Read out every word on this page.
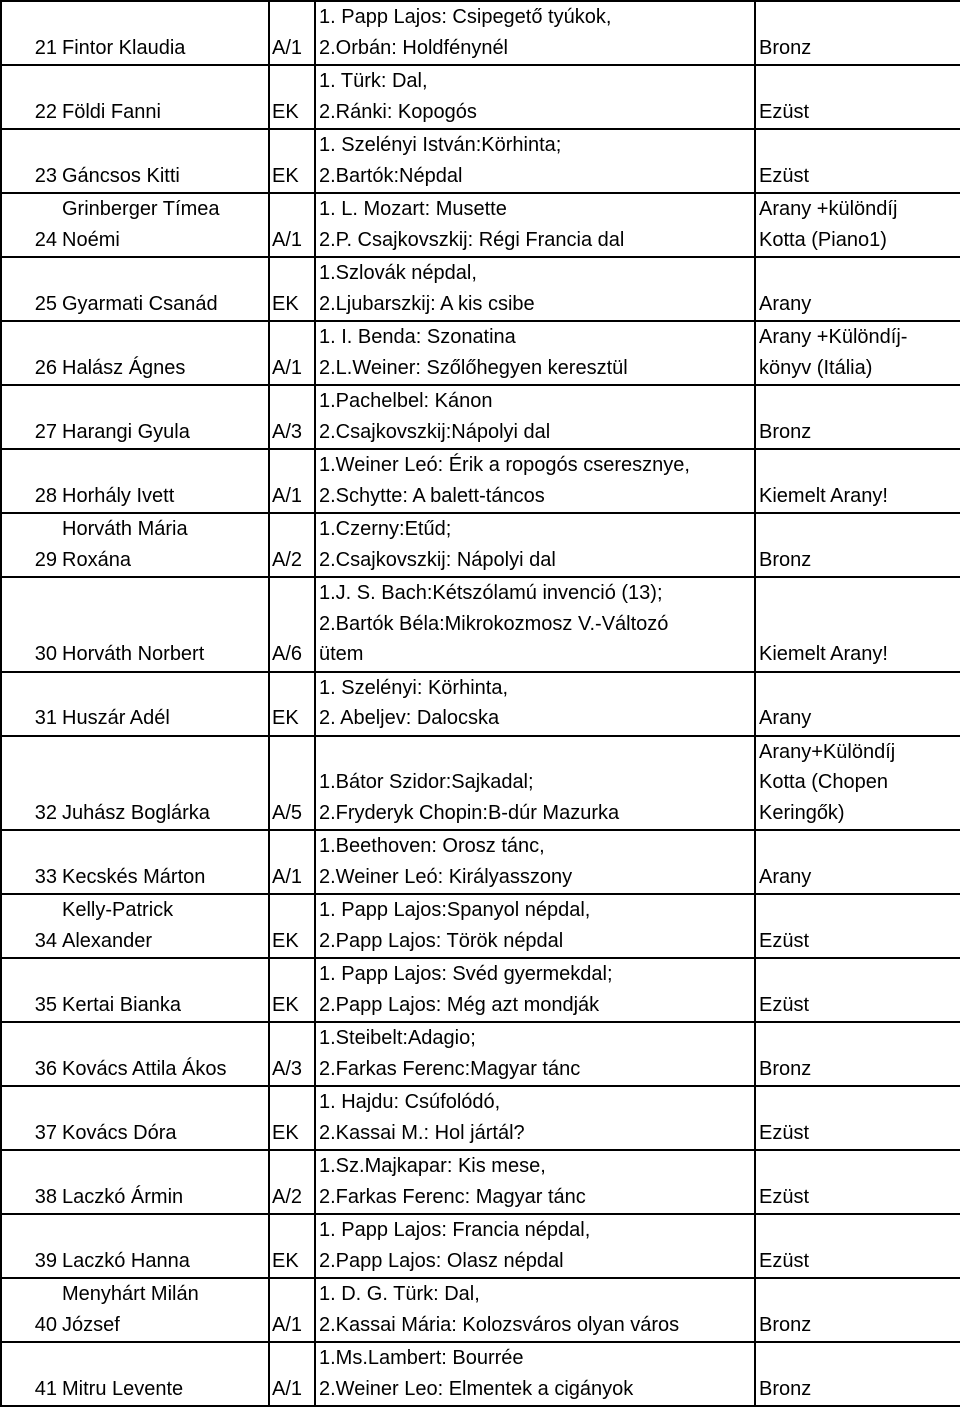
21	Fintor Klaudia	A/1	1. Papp Lajos: Csipegető tyúkok,
2.Orbán: Holdfénynél	Bronz

22	Földi Fanni	EK	1. Türk: Dal,
2.Ránki: Kopogós	Ezüst

23	Gáncsos Kitti	EK	1. Szelényi István:Körhinta;
2.Bartók:Népdal	Ezüst

24	Grinberger Tímea
Noémi	A/1	1. L. Mozart: Musette
2.P. Csajkovszkij: Régi Francia dal	Arany +különdíj
Kotta (Piano1)

25	Gyarmati Csanád	EK	1.Szlovák népdal,
2.Ljubarszkij: A kis csibe	Arany

26	Halász Ágnes	A/1	1. I. Benda: Szonatina
2.L.Weiner: Szőlőhegyen keresztül	Arany +Különdíj-
könyv (Itália)

27	Harangi Gyula	A/3	1.Pachelbel: Kánon
2.Csajkovszkij:Nápolyi dal	Bronz

28	Horhály Ivett	A/1	1.Weiner Leó: Érik a ropogós cseresznye,
2.Schytte: A balett-táncos	Kiemelt Arany!

29	Horváth Mária
Roxána	A/2	1.Czerny:Etűd;
2.Csajkovszkij: Nápolyi dal	Bronz

30	Horváth Norbert	A/6	1.J. S. Bach:Kétszólamú invenció (13);
2.Bartók Béla:Mikrokozmosz V.-Változó
ütem	Kiemelt Arany!

31	Huszár Adél	EK	1. Szelényi: Körhinta,
2. Abeljev: Dalocska	Arany

32	Juhász Boglárka	A/5	1.Bátor Szidor:Sajkadal;
2.Fryderyk Chopin:B-dúr Mazurka	Arany+Különdíj
Kotta (Chopen
Keringők)

33	Kecskés Márton	A/1	1.Beethoven: Orosz tánc,
2.Weiner Leó: Királyasszony	Arany

34	Kelly-Patrick
Alexander	EK	1. Papp Lajos:Spanyol népdal,
2.Papp Lajos: Török népdal	Ezüst

35	Kertai Bianka	EK	1. Papp Lajos: Svéd gyermekdal;
2.Papp Lajos: Még azt mondják	Ezüst

36	Kovács Attila Ákos	A/3	1.Steibelt:Adagio;
2.Farkas Ferenc:Magyar tánc	Bronz

37	Kovács Dóra	EK	1. Hajdu: Csúfolódó,
2.Kassai M.: Hol jártál?	Ezüst

38	Laczkó Ármin	A/2	1.Sz.Majkapar: Kis mese,
2.Farkas Ferenc: Magyar tánc	Ezüst

39	Laczkó Hanna	EK	1. Papp Lajos: Francia népdal,
2.Papp Lajos: Olasz népdal	Ezüst

40	Menyhárt Milán
József	A/1	1. D. G. Türk: Dal,
2.Kassai Mária: Kolozsváros olyan város	Bronz

41	Mitru Levente	A/1	1.Ms.Lambert: Bourrée
2.Weiner Leo: Elmentek a cigányok	Bronz
